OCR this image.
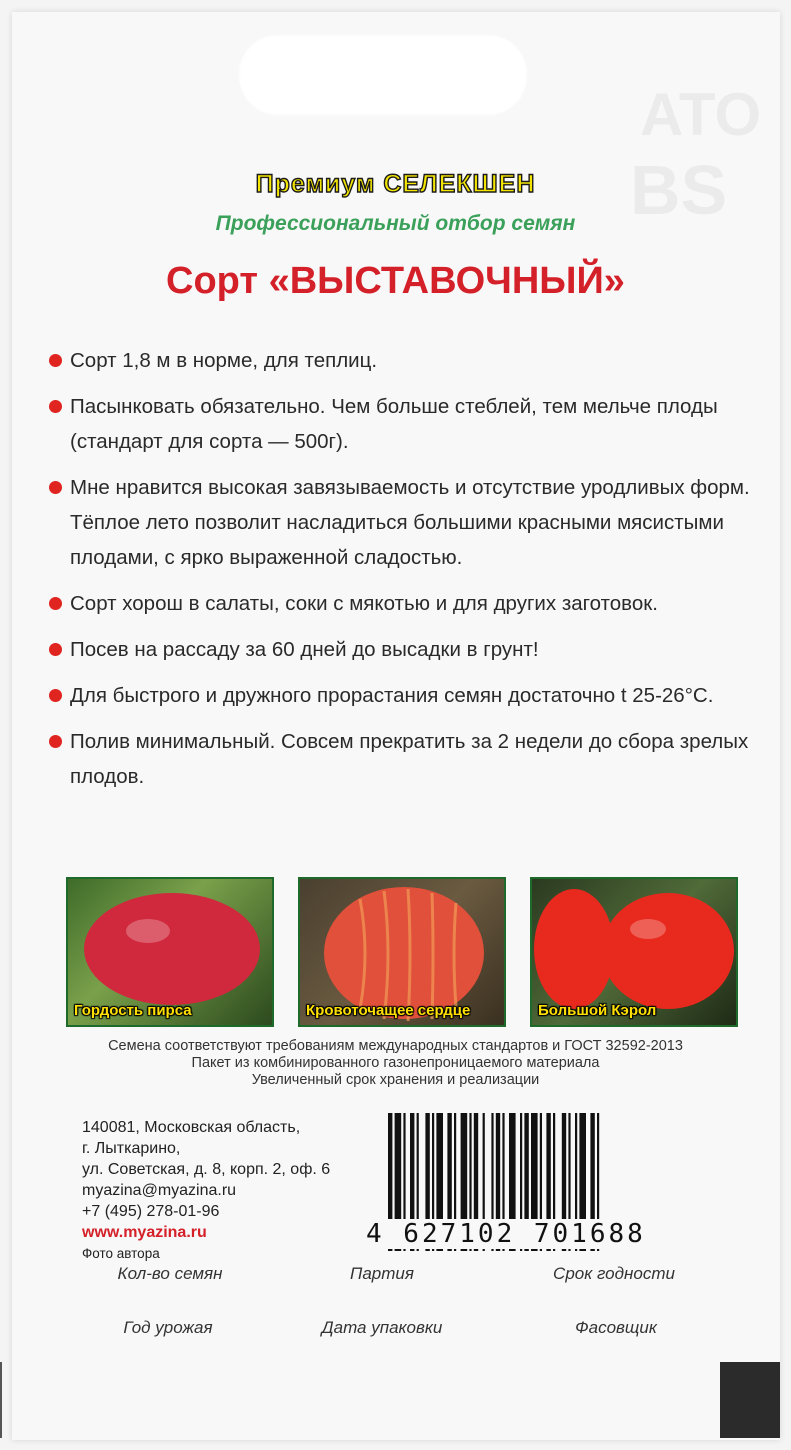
ATO
BS
Премиум СЕЛЕКШЕН
Профессиональный отбор семян
Сорт «ВЫСТАВОЧНЫЙ»
Сорт 1,8 м в норме, для теплиц.
Пасынковать обязательно. Чем больше стеблей, тем мельче плоды (стандарт для сорта — 500г).
Мне нравится высокая завязываемость и отсутствие уродливых форм. Тёплое лето позволит насладиться большими красными мясистыми плодами, с ярко выраженной сладостью.
Сорт хорош в салаты, соки с мякотью и для других заготовок.
Посев на рассаду за 60 дней до высадки в грунт!
Для быстрого и дружного прорастания семян достаточно t 25-26°C.
Полив минимальный. Совсем прекратить за 2 недели до сбора зрелых плодов.
Гордость пирса	Кровоточащее сердце	Большой Кэрол
Семена соответствуют требованиям международных стандартов и ГОСТ 32592-2013
Пакет из комбинированного газонепроницаемого материала
Увеличенный срок хранения и реализации
140081, Московская область,
г. Лыткарино,
ул. Советская, д. 8, корп. 2, оф. 6
myazina@myazina.ru
+7 (495) 278-01-96
www.myazina.ru
Фото автора
4 627102 701688
Кол-во семян	Партия	Срок годности
Год урожая	Дата упаковки	Фасовщик
